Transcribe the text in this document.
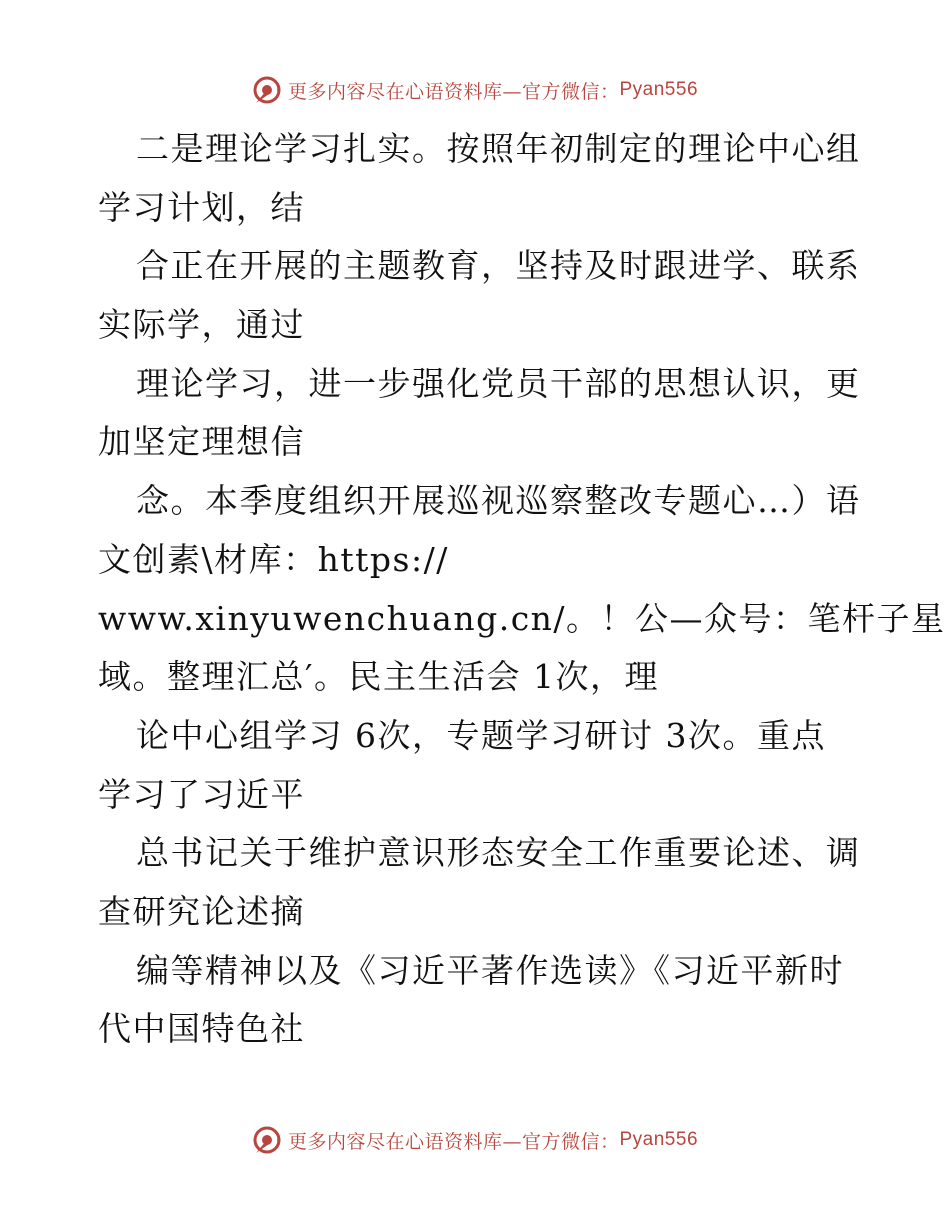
更多内容尽在心语资料库—官方微信： Pyan556
二是理论学习扎实。按照年初制定的理论中心组
学习计划，结
合正在开展的主题教育，坚持及时跟进学、联系
实际学，通过
理论学习，进一步强化党员干部的思想认识，更
加坚定理想信
念。本季度组织开展巡视巡察整改专题心…）语
文创素\材库：https://
www.xinyuwenchuang.cn/。！公—众号：笔杆子星
域。整理汇总′。民主生活会 1次，理
论中心组学习 6次，专题学习研讨 3次。重点
学习了习近平
总书记关于维护意识形态安全工作重要论述、调
查研究论述摘
编等精神以及《习近平著作选读》《习近平新时
代中国特色社
更多内容尽在心语资料库—官方微信： Pyan556
